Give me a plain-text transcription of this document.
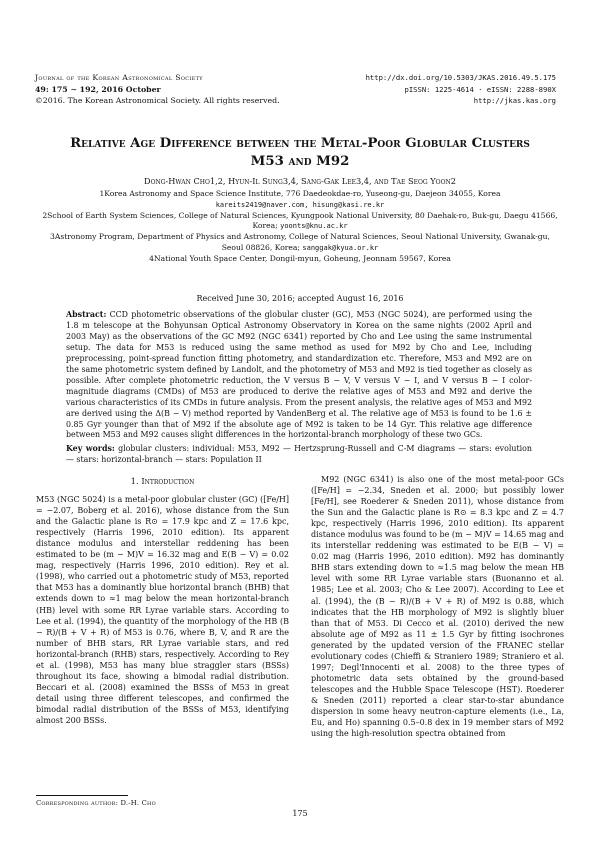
Journal of the Korean Astronomical Society
49: 175 ∼ 192, 2016 October
©2016. The Korean Astronomical Society. All rights reserved.
http://dx.doi.org/10.5303/JKAS.2016.49.5.175
pISSN: 1225-4614 · eISSN: 2288-890X
http://jkas.kas.org
Relative Age Difference between the Metal-Poor Globular Clusters M53 and M92
Dong-Hwan Cho1,2, Hyun-Il Sung3,4, Sang-Gak Lee3,4, and Tae Seog Yoon2

1Korea Astronomy and Space Science Institute, 776 Daedeokdae-ro, Yuseong-gu, Daejeon 34055, Korea

kareits2419@naver.com, hisung@kasi.re.kr

2School of Earth System Sciences, College of Natural Sciences, Kyungpook National University, 80 Daehak-ro, Buk-gu, Daegu 41566, Korea; yoonts@knu.ac.kr

3Astronomy Program, Department of Physics and Astronomy, College of Natural Sciences, Seoul National University, Gwanak-gu, Seoul 08826, Korea; sanggak@kyua.or.kr

4National Youth Space Center, Dongil-myun, Goheung, Jeonnam 59567, Korea

Received June 30, 2016; accepted August 16, 2016

Abstract: CCD photometric observations of the globular cluster (GC), M53 (NGC 5024), are performed using the 1.8 m telescope at the Bohyunsan Optical Astronomy Observatory in Korea on the same nights (2002 April and 2003 May) as the observations of the GC M92 (NGC 6341) reported by Cho and Lee using the same instrumental setup. The data for M53 is reduced using the same method as used for M92 by Cho and Lee, including preprocessing, point-spread function fitting photometry, and standardization etc. Therefore, M53 and M92 are on the same photometric system defined by Landolt, and the photometry of M53 and M92 is tied together as closely as possible. After complete photometric reduction, the V versus B − V, V versus V − I, and V versus B − I color-magnitude diagrams (CMDs) of M53 are produced to derive the relative ages of M53 and M92 and derive the various characteristics of its CMDs in future analysis. From the present analysis, the relative ages of M53 and M92 are derived using the Δ(B − V) method reported by VandenBerg et al. The relative age of M53 is found to be 1.6 ± 0.85 Gyr younger than that of M92 if the absolute age of M92 is taken to be 14 Gyr. This relative age difference between M53 and M92 causes slight differences in the horizontal-branch morphology of these two GCs.

Key words: globular clusters: individual: M53, M92 — Hertzsprung-Russell and C-M diagrams — stars: evolution — stars: horizontal-branch — stars: Population II

1. Introduction

M53 (NGC 5024) is a metal-poor globular cluster (GC) ([Fe/H] = −2.07, Boberg et al. 2016), whose distance from the Sun and the Galactic plane is R⊙ = 17.9 kpc and Z = 17.6 kpc, respectively (Harris 1996, 2010 edition). Its apparent distance modulus and interstellar reddening has been estimated to be (m − M)V = 16.32 mag and E(B − V) = 0.02 mag, respectively (Harris 1996, 2010 edition). Rey et al. (1998), who carried out a photometric study of M53, reported that M53 has a dominantly blue horizontal branch (BHB) that extends down to ≈1 mag below the mean horizontal-branch (HB) level with some RR Lyrae variable stars. According to Lee et al. (1994), the quantity of the morphology of the HB (B − R)/(B + V + R) of M53 is 0.76, where B, V, and R are the number of BHB stars, RR Lyrae variable stars, and red horizontal-branch (RHB) stars, respectively. According to Rey et al. (1998), M53 has many blue straggler stars (BSSs) throughout its face, showing a bimodal radial distribution. Beccari et al. (2008) examined the BSSs of M53 in great detail using three different telescopes, and confirmed the bimodal radial distribution of the BSSs of M53, identifying almost 200 BSSs.

M92 (NGC 6341) is also one of the most metal-poor GCs ([Fe/H] = −2.34, Sneden et al. 2000; but possibly lower [Fe/H], see Roederer & Sneden 2011), whose distance from the Sun and the Galactic plane is R⊙ = 8.3 kpc and Z = 4.7 kpc, respectively (Harris 1996, 2010 edition). Its apparent distance modulus was found to be (m − M)V = 14.65 mag and its interstellar reddening was estimated to be E(B − V) = 0.02 mag (Harris 1996, 2010 edition). M92 has dominantly BHB stars extending down to ≈1.5 mag below the mean HB level with some RR Lyrae variable stars (Buonanno et al. 1985; Lee et al. 2003; Cho & Lee 2007). According to Lee et al. (1994), the (B − R)/(B + V + R) of M92 is 0.88, which indicates that the HB morphology of M92 is slightly bluer than that of M53. Di Cecco et al. (2010) derived the new absolute age of M92 as 11 ± 1.5 Gyr by fitting isochrones generated by the updated version of the FRANEC stellar evolutionary codes (Chieffi & Straniero 1989; Straniero et al. 1997; Degl'Innocenti et al. 2008) to the three types of photometric data sets obtained by the ground-based telescopes and the Hubble Space Telescope (HST). Roederer & Sneden (2011) reported a clear star-to-star abundance dispersion in some heavy neutron-capture elements (i.e., La, Eu, and Ho) spanning 0.5–0.8 dex in 19 member stars of M92 using the high-resolution spectra obtained from

Corresponding author: D.-H. Cho
175
